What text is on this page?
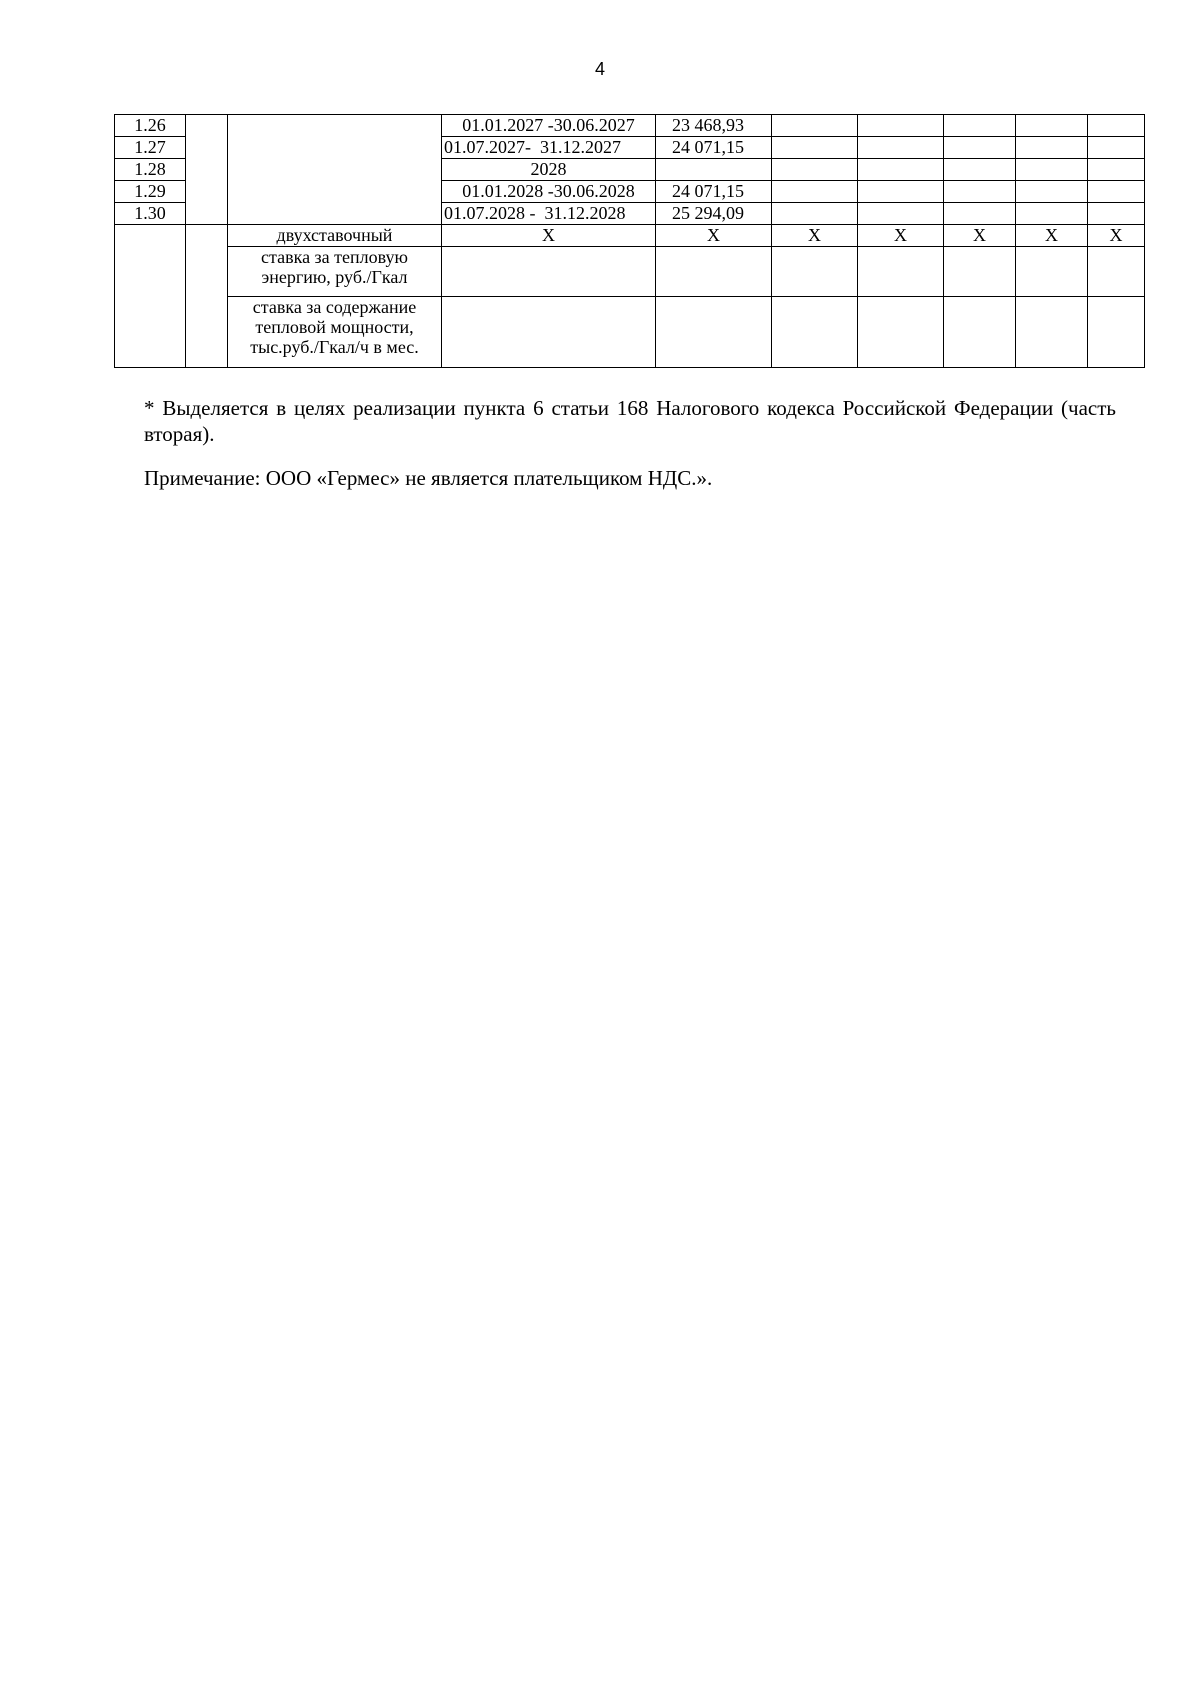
4
1.26			01.01.2027 -30.06.2027	23 468,93					
1.27			01.07.2027-  31.12.2027	24 071,15					
1.28			2028						
1.29			01.01.2028 -30.06.2028	24 071,15					
1.30			01.07.2028 -  31.12.2028	25 294,09					
		двухставочный	Х	Х	Х	Х	Х	Х	Х
		ставка за тепловую энергию, руб./Гкал							
		ставка за содержание тепловой мощности, тыс.руб./Гкал/ч в мес.							

* Выделяется в целях реализации пункта 6 статьи 168 Налогового кодекса Российской Федерации (часть вторая).

Примечание: ООО «Гермес» не является плательщиком НДС.».
